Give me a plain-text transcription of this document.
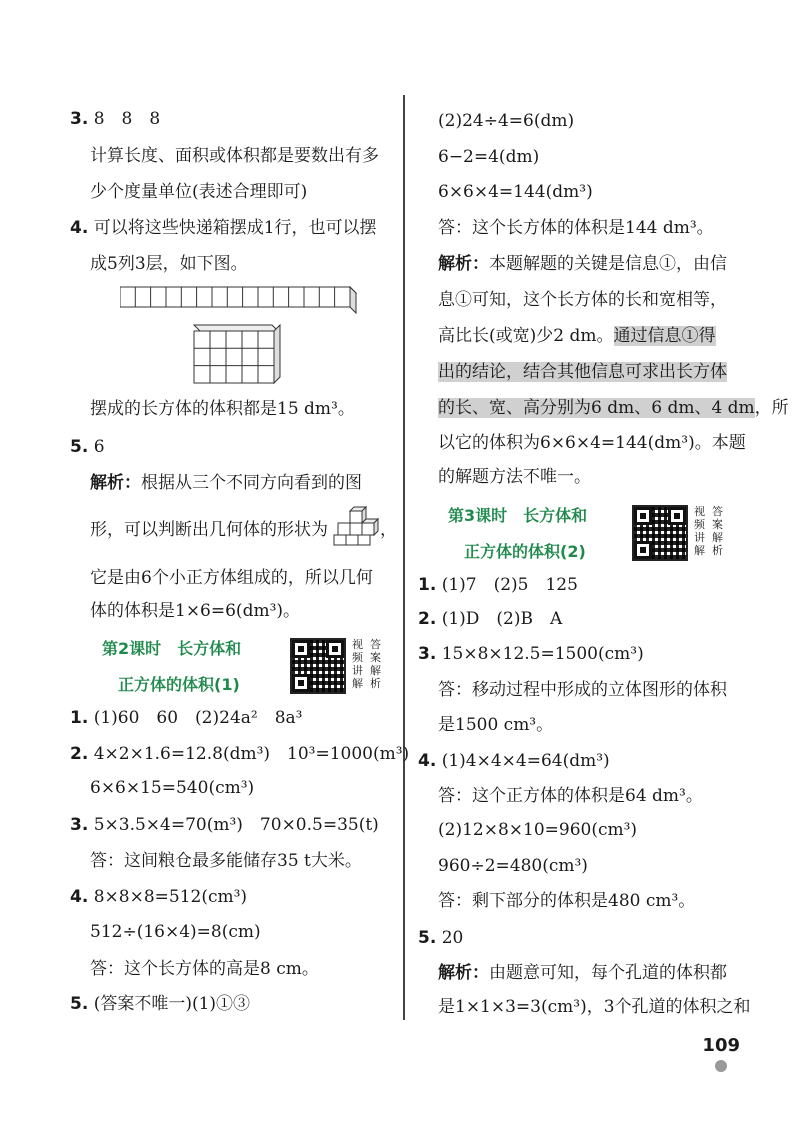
3. 8　8　8
计算长度、面积或体积都是要数出有多
少个度量单位(表述合理即可)
4. 可以将这些快递箱摆成1行，也可以摆
成5列3层，如下图。
摆成的长方体的体积都是15 dm³。
5. 6
解析：根据从三个不同方向看到的图
形，可以判断出几何体的形状为	，
它是由6个小正方体组成的，所以几何
体的体积是1×6=6(dm³)。
第2课时　长方体和
正方体的体积(1)
视频讲解
答案解析
1. (1)60　60　(2)24a²　8a³
2. 4×2×1.6=12.8(dm³)　10³=1000(m³)
6×6×15=540(cm³)
3. 5×3.5×4=70(m³)　70×0.5=35(t)
答：这间粮仓最多能储存35 t大米。
4. 8×8×8=512(cm³)
512÷(16×4)=8(cm)
答：这个长方体的高是8 cm。
5. (答案不唯一)(1)①③
(2)24÷4=6(dm)
6−2=4(dm)
6×6×4=144(dm³)
答：这个长方体的体积是144 dm³。
解析：本题解题的关键是信息①，由信
息①可知，这个长方体的长和宽相等，
高比长(或宽)少2 dm。通过信息①得
出的结论，结合其他信息可求出长方体
的长、宽、高分别为6 dm、6 dm、4 dm，所
以它的体积为6×6×4=144(dm³)。本题
的解题方法不唯一。
第3课时　长方体和
正方体的体积(2)
视频讲解
答案解析
1. (1)7　(2)5　125
2. (1)D　(2)B　A
3. 15×8×12.5=1500(cm³)
答：移动过程中形成的立体图形的体积
是1500 cm³。
4. (1)4×4×4=64(dm³)
答：这个正方体的体积是64 dm³。
(2)12×8×10=960(cm³)
960÷2=480(cm³)
答：剩下部分的体积是480 cm³。
5. 20
解析：由题意可知，每个孔道的体积都
是1×1×3=3(cm³)，3个孔道的体积之和
109
